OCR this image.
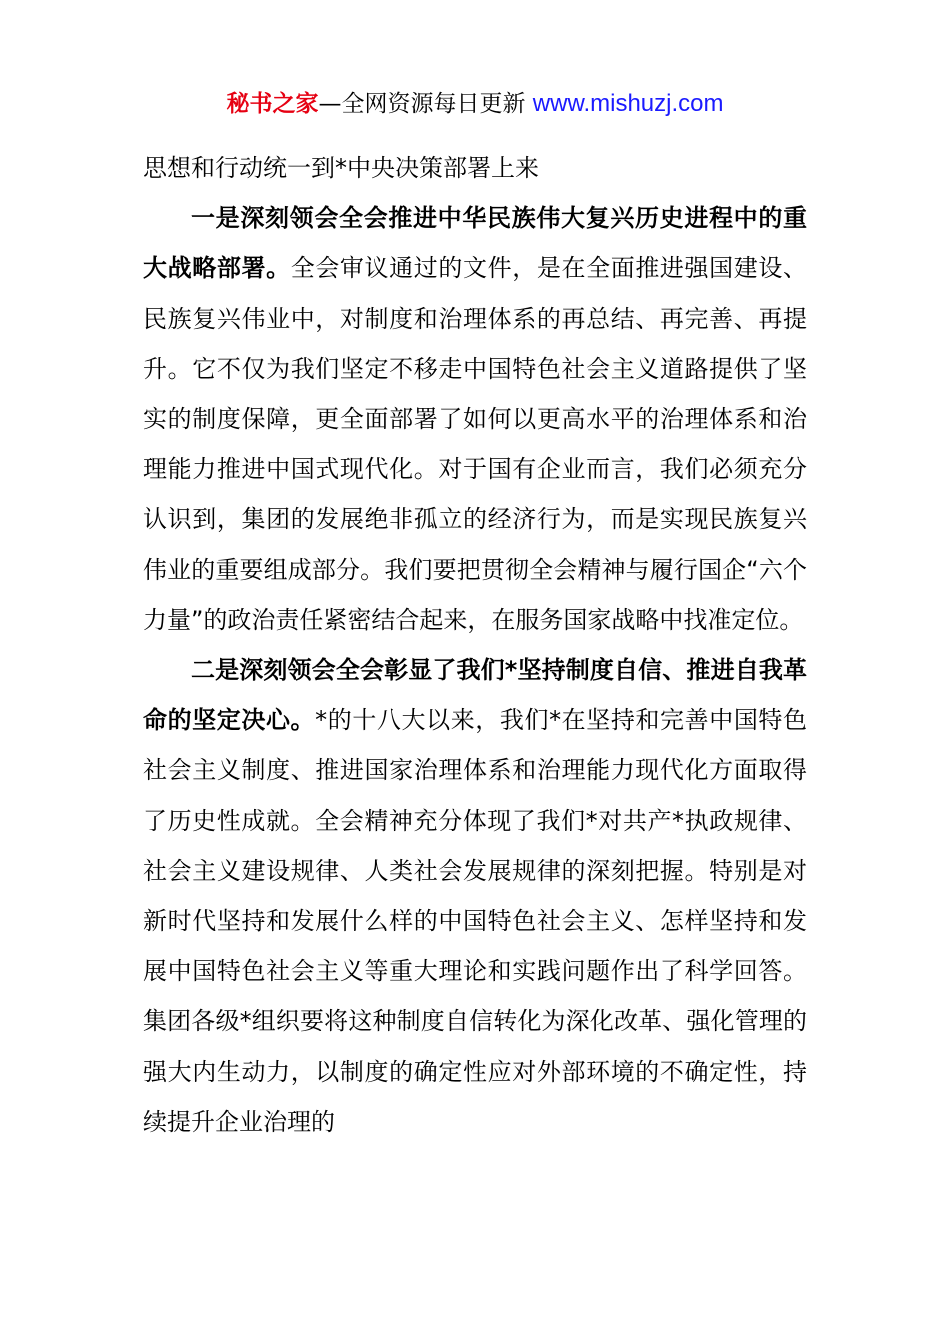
秘书之家—全网资源每日更新 www.mishuzj.com

思想和行动统一到*中央决策部署上来

一是深刻领会全会推进中华民族伟大复兴历史进程中的重大战略部署。全会审议通过的文件，是在全面推进强国建设、民族复兴伟业中，对制度和治理体系的再总结、再完善、再提升。它不仅为我们坚定不移走中国特色社会主义道路提供了坚实的制度保障，更全面部署了如何以更高水平的治理体系和治理能力推进中国式现代化。对于国有企业而言，我们必须充分认识到，集团的发展绝非孤立的经济行为，而是实现民族复兴伟业的重要组成部分。我们要把贯彻全会精神与履行国企“六个力量”的政治责任紧密结合起来，在服务国家战略中找准定位。

二是深刻领会全会彰显了我们*坚持制度自信、推进自我革命的坚定决心。*的十八大以来，我们*在坚持和完善中国特色社会主义制度、推进国家治理体系和治理能力现代化方面取得了历史性成就。全会精神充分体现了我们*对共产*执政规律、社会主义建设规律、人类社会发展规律的深刻把握。特别是对新时代坚持和发展什么样的中国特色社会主义、怎样坚持和发展中国特色社会主义等重大理论和实践问题作出了科学回答。集团各级*组织要将这种制度自信转化为深化改革、强化管理的强大内生动力，以制度的确定性应对外部环境的不确定性，持续提升企业治理的
